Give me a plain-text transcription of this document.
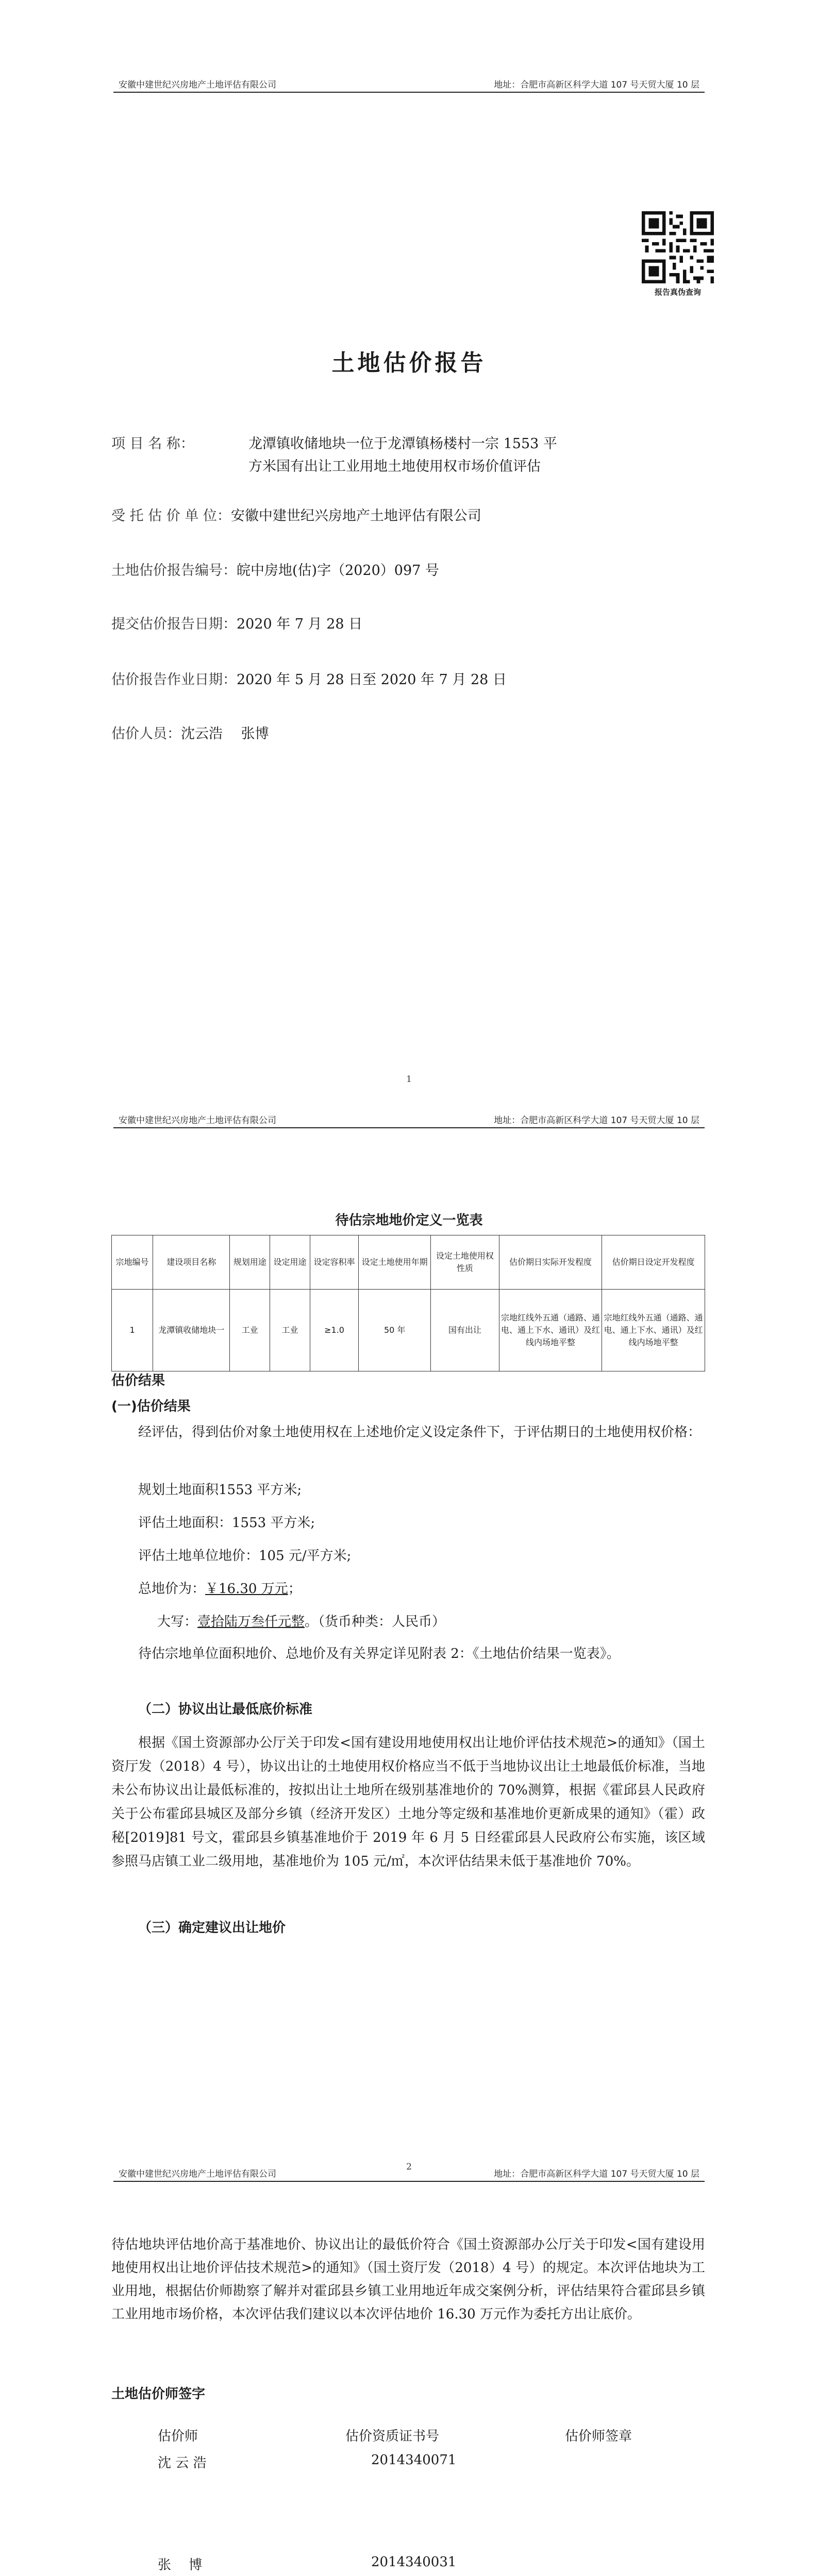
安徽中建世纪兴房地产土地评估有限公司	地址：合肥市高新区科学大道 107 号天贸大厦 10 层
报告真伪查询
土地估价报告
项 目 名 称：	龙潭镇收储地块一位于龙潭镇杨楼村一宗 1553 平
方米国有出让工业用地土地使用权市场价值评估
受 托 估 价 单 位：安徽中建世纪兴房地产土地评估有限公司
土地估价报告编号：皖中房地(估)字（2020）097 号
提交估价报告日期：2020 年 7 月 28 日
估价报告作业日期：2020 年 5 月 28 日至 2020 年 7 月 28 日
估价人员：沈云浩　 张博
1
安徽中建世纪兴房地产土地评估有限公司	地址：合肥市高新区科学大道 107 号天贸大厦 10 层
待估宗地地价定义一览表
宗地编号	建设项目名称	规划用途	设定用途	设定容积率	设定土地使用年期	设定土地使用权性质	估价期日实际开发程度	估价期日设定开发程度
1	龙潭镇收储地块一	工业	工业	≥1.0	50 年	国有出让	宗地红线外五通（通路、通电、通上下水、通讯）及红线内场地平整	宗地红线外五通（通路、通电、通上下水、通讯）及红线内场地平整
估价结果
(一)估价结果
经评估，得到估价对象土地使用权在上述地价定义设定条件下，于评估期日的土地使用权价格：
规划土地面积1553 平方米;
评估土地面积：1553 平方米;
评估土地单位地价：105 元/平方米;
总地价为：￥16.30 万元；
大写：壹拾陆万叁仟元整。（货币种类：人民币）
待估宗地单位面积地价、总地价及有关界定详见附表 2：《土地估价结果一览表》。
（二）协议出让最低底价标准
根据《国土资源部办公厅关于印发<国有建设用地使用权出让地价评估技术规范>的通知》（国土资厅发（2018）4 号），协议出让的土地使用权价格应当不低于当地协议出让土地最低价标准，当地未公布协议出让最低标准的，按拟出让土地所在级别基准地价的 70%测算，根据《霍邱县人民政府关于公布霍邱县城区及部分乡镇（经济开发区）土地分等定级和基准地价更新成果的通知》（霍）政秘[2019]81 号文，霍邱县乡镇基准地价于 2019 年 6 月 5 日经霍邱县人民政府公布实施，该区域参照马店镇工业二级用地，基准地价为 105 元/㎡，本次评估结果未低于基准地价 70%。
（三）确定建议出让地价
2
安徽中建世纪兴房地产土地评估有限公司	地址：合肥市高新区科学大道 107 号天贸大厦 10 层
待估地块评估地价高于基准地价、协议出让的最低价符合《国土资源部办公厅关于印发<国有建设用地使用权出让地价评估技术规范>的通知》（国土资厅发（2018）4 号）的规定。本次评估地块为工业用地，根据估价师勘察了解并对霍邱县乡镇工业用地近年成交案例分析，评估结果符合霍邱县乡镇工业用地市场价格，本次评估我们建议以本次评估地价 16.30 万元作为委托方出让底价。
土地估价师签字
估价师	估价资质证书号	估价师签章
沈 云 浩	2014340071
张　 博	2014340031
